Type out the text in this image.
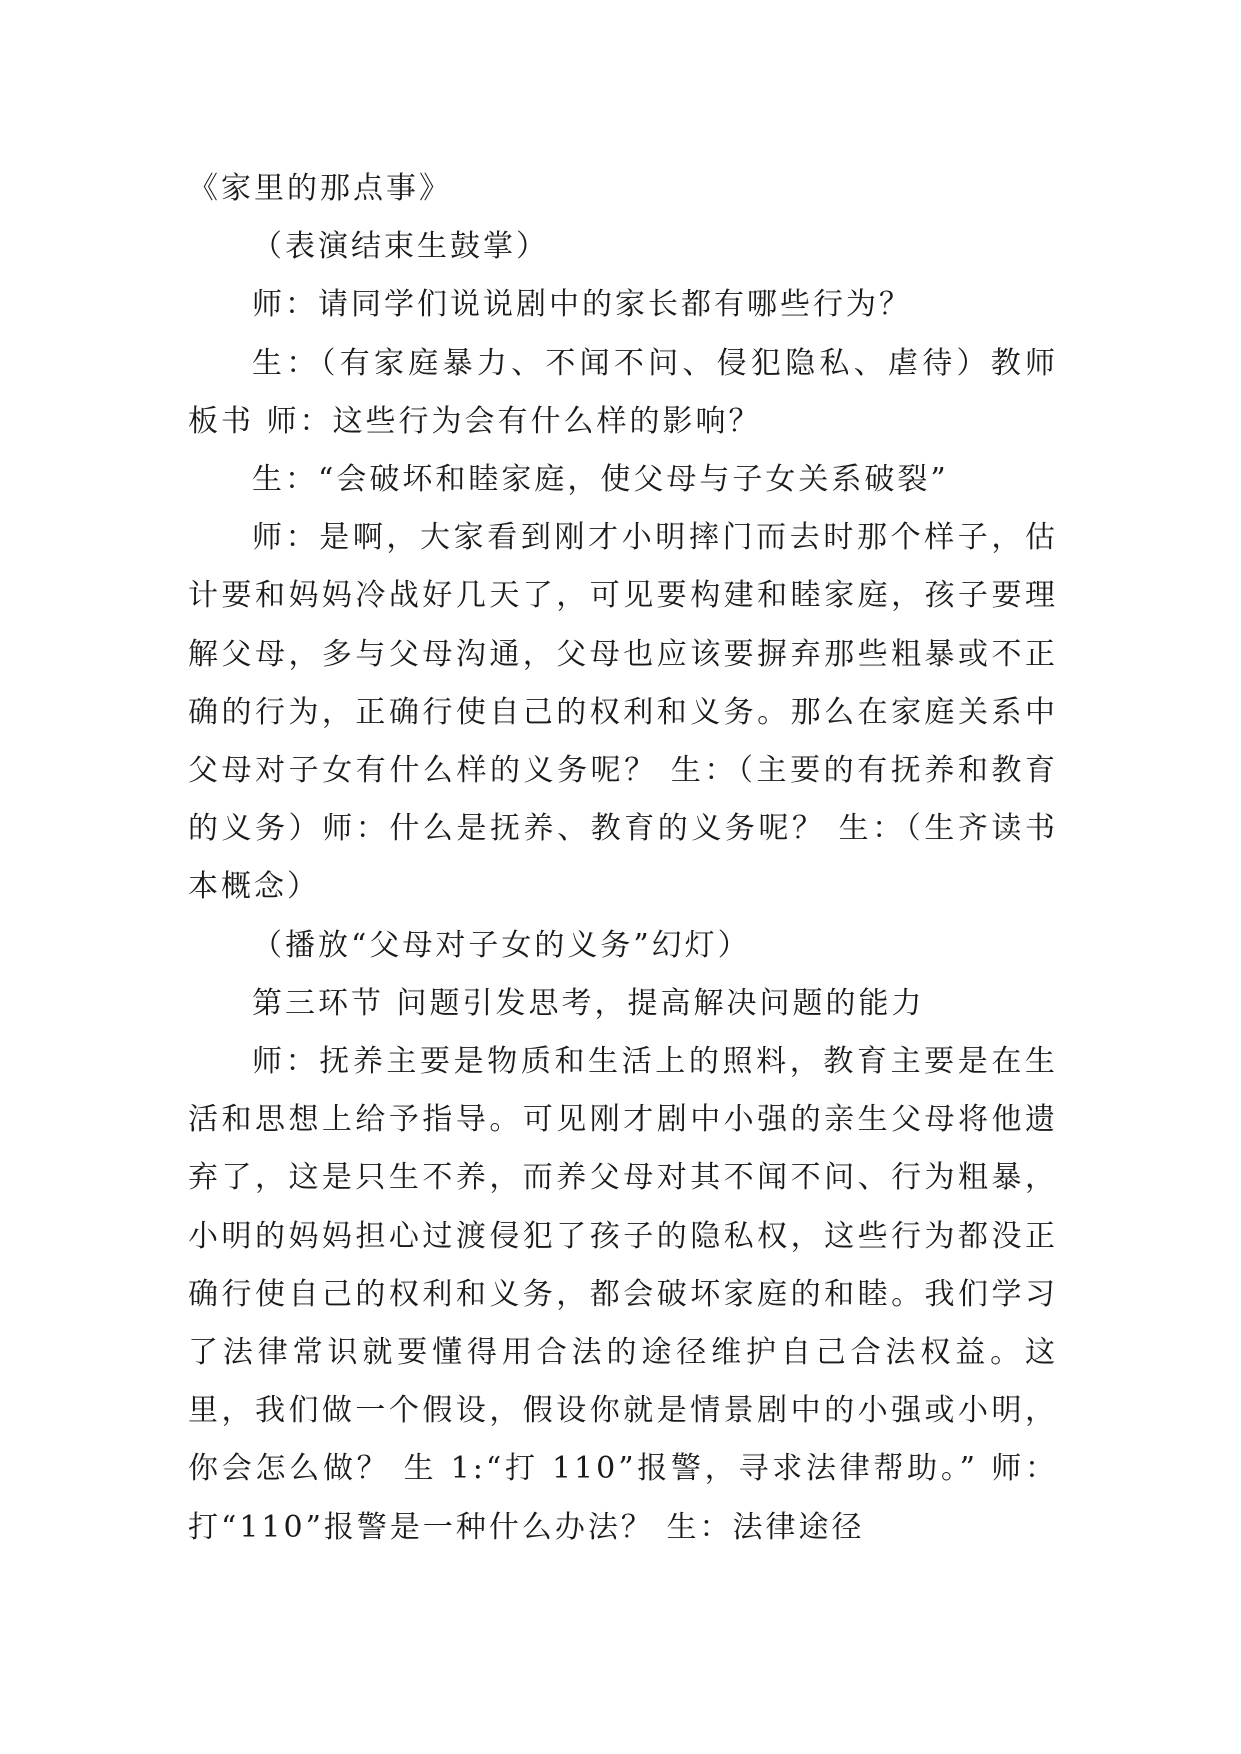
《家里的那点事》

（表演结束生鼓掌）

师：请同学们说说剧中的家长都有哪些行为？

生：（有家庭暴力、不闻不问、侵犯隐私、虐待）教师板书 师：这些行为会有什么样的影响？

生：“会破坏和睦家庭，使父母与子女关系破裂”

师：是啊，大家看到刚才小明摔门而去时那个样子，估计要和妈妈冷战好几天了，可见要构建和睦家庭，孩子要理解父母，多与父母沟通，父母也应该要摒弃那些粗暴或不正确的行为，正确行使自己的权利和义务。那么在家庭关系中父母对子女有什么样的义务呢？ 生：（主要的有抚养和教育的义务）师：什么是抚养、教育的义务呢？ 生：（生齐读书本概念）

（播放“父母对子女的义务”幻灯）

第三环节 问题引发思考，提高解决问题的能力

师：抚养主要是物质和生活上的照料，教育主要是在生活和思想上给予指导。可见刚才剧中小强的亲生父母将他遗弃了，这是只生不养，而养父母对其不闻不问、行为粗暴，小明的妈妈担心过渡侵犯了孩子的隐私权，这些行为都没正确行使自己的权利和义务，都会破坏家庭的和睦。我们学习了法律常识就要懂得用合法的途径维护自己合法权益。这里，我们做一个假设，假设你就是情景剧中的小强或小明，你会怎么做？ 生 1:“打 110”报警，寻求法律帮助。” 师：打“110”报警是一种什么办法？ 生：法律途径
